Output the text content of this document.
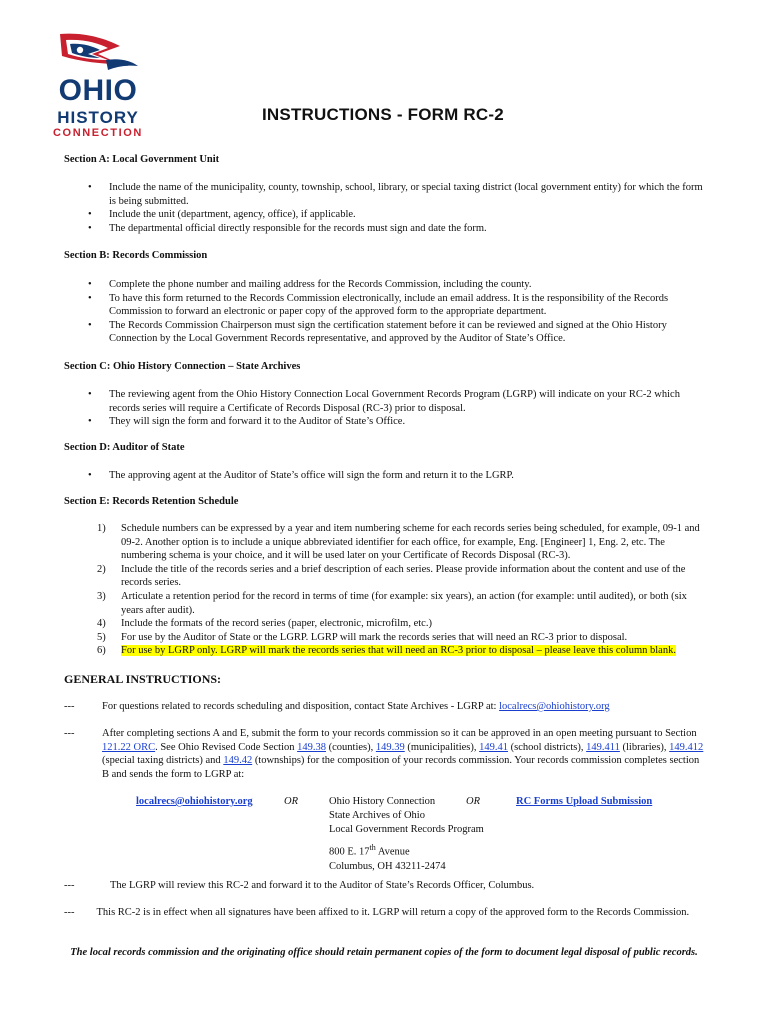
OHIO
HISTORY
CONNECTION
INSTRUCTIONS - FORM RC-2
Section A: Local Government Unit
• Include the name of the municipality, county, township, school, library, or special taxing district (local government entity) for which the form is being submitted.
• Include the unit (department, agency, office), if applicable.
• The departmental official directly responsible for the records must sign and date the form.
Section B: Records Commission
• Complete the phone number and mailing address for the Records Commission, including the county.
• To have this form returned to the Records Commission electronically, include an email address. It is the responsibility of the Records Commission to forward an electronic or paper copy of the approved form to the appropriate department.
• The Records Commission Chairperson must sign the certification statement before it can be reviewed and signed at the Ohio History Connection by the Local Government Records representative, and approved by the Auditor of State’s Office.
Section C: Ohio History Connection – State Archives
• The reviewing agent from the Ohio History Connection Local Government Records Program (LGRP) will indicate on your RC-2 which records series will require a Certificate of Records Disposal (RC-3) prior to disposal.
• They will sign the form and forward it to the Auditor of State’s Office.
Section D: Auditor of State
• The approving agent at the Auditor of State’s office will sign the form and return it to the LGRP.
Section E: Records Retention Schedule
1) Schedule numbers can be expressed by a year and item numbering scheme for each records series being scheduled, for example, 09-1 and 09-2. Another option is to include a unique abbreviated identifier for each office, for example, Eng. [Engineer] 1, Eng. 2, etc. The numbering schema is your choice, and it will be used later on your Certificate of Records Disposal (RC-3).
2) Include the title of the records series and a brief description of each series. Please provide information about the content and use of the records series.
3) Articulate a retention period for the record in terms of time (for example: six years), an action (for example: until audited), or both (six years after audit).
4) Include the formats of the record series (paper, electronic, microfilm, etc.)
5) For use by the Auditor of State or the LGRP. LGRP will mark the records series that will need an RC-3 prior to disposal.
6) For use by LGRP only. LGRP will mark the records series that will need an RC-3 prior to disposal – please leave this column blank.
GENERAL INSTRUCTIONS:
---	For questions related to records scheduling and disposition, contact State Archives - LGRP at: localrecs@ohiohistory.org
---	After completing sections A and E, submit the form to your records commission so it can be approved in an open meeting pursuant to Section 121.22 ORC. See Ohio Revised Code Section 149.38 (counties), 149.39 (municipalities), 149.41 (school districts), 149.411 (libraries), 149.412 (special taxing districts) and 149.42 (townships) for the composition of your records commission. Your records commission completes section B and sends the form to LGRP at:
localrecs@ohiohistory.org	OR	Ohio History Connection
State Archives of Ohio
Local Government Records Program
800 E. 17th Avenue
Columbus, OH 43211-2474
OR	RC Forms Upload Submission
---	The LGRP will review this RC-2 and forward it to the Auditor of State’s Records Officer, Columbus.
--- This RC-2 is in effect when all signatures have been affixed to it. LGRP will return a copy of the approved form to the Records Commission.
The local records commission and the originating office should retain permanent copies of the form to document legal disposal of public records.
